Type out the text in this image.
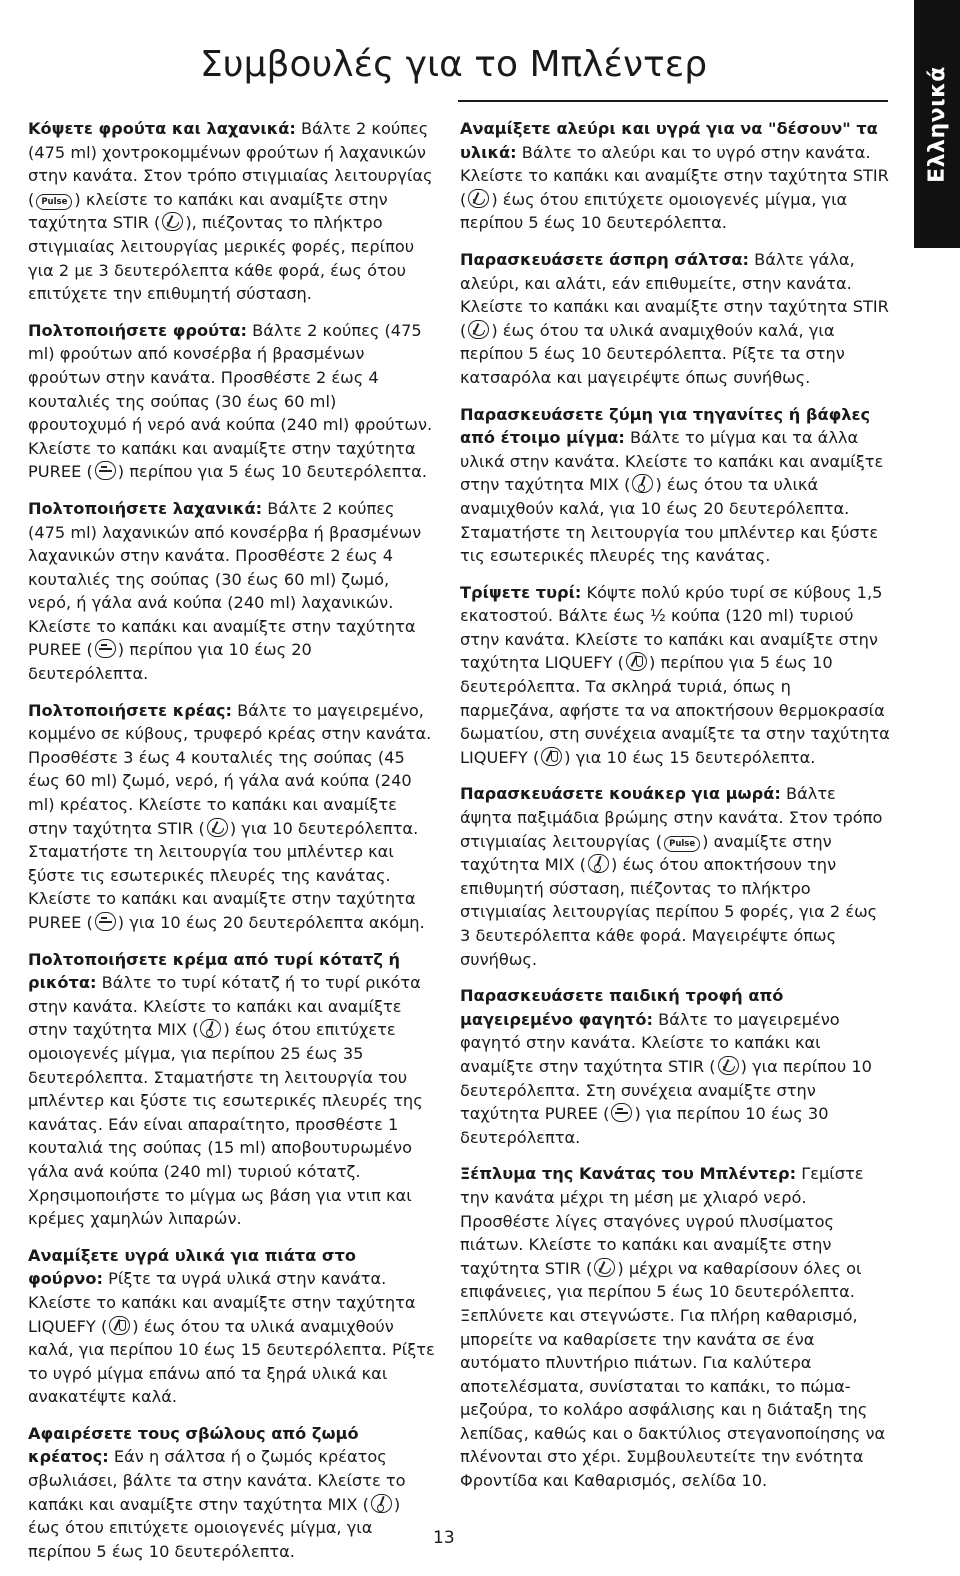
Ελληνικά
Συμβουλές για το Μπλέντερ

Κόψετε φρούτα και λαχανικά: Βάλτε 2 κούπες (475 ml) χοντροκομμένων φρούτων ή λαχανικών στην κανάτα. Στον τρόπο στιγμιαίας λειτουργίας ( Pulse ) κλείστε το καπάκι και αναμίξτε στην ταχύτητα STIR ( ), πιέζοντας το πλήκτρο στιγμιαίας λειτουργίας μερικές φορές, περίπου για 2 με 3 δευτερόλεπτα κάθε φορά, έως ότου επιτύχετε την επιθυμητή σύσταση.

Πολτοποιήσετε φρούτα: Βάλτε 2 κούπες (475 ml) φρούτων από κονσέρβα ή βρασμένων φρούτων στην κανάτα. Προσθέστε 2 έως 4 κουταλιές της σούπας (30 έως 60 ml) φρουτοχυμό ή νερό ανά κούπα (240 ml) φρούτων. Κλείστε το καπάκι και αναμίξτε στην ταχύτητα PUREE ( ) περίπου για 5 έως 10 δευτερόλεπτα.

Πολτοποιήσετε λαχανικά: Βάλτε 2 κούπες (475 ml) λαχανικών από κονσέρβα ή βρασμένων λαχανικών στην κανάτα. Προσθέστε 2 έως 4 κουταλιές της σούπας (30 έως 60 ml) ζωμό, νερό, ή γάλα ανά κούπα (240 ml) λαχανικών. Κλείστε το καπάκι και αναμίξτε στην ταχύτητα PUREE ( ) περίπου για 10 έως 20 δευτερόλεπτα.

Πολτοποιήσετε κρέας: Βάλτε το μαγειρεμένο, κομμένο σε κύβους, τρυφερό κρέας στην κανάτα. Προσθέστε 3 έως 4 κουταλιές της σούπας (45 έως 60 ml) ζωμό, νερό, ή γάλα ανά κούπα (240 ml) κρέατος. Κλείστε το καπάκι και αναμίξτε στην ταχύτητα STIR ( ) για 10 δευτερόλεπτα. Σταματήστε τη λειτουργία του μπλέντερ και ξύστε τις εσωτερικές πλευρές της κανάτας. Κλείστε το καπάκι και αναμίξτε στην ταχύτητα PUREE ( ) για 10 έως 20 δευτερόλεπτα ακόμη.

Πολτοποιήσετε κρέμα από τυρί κότατζ ή ρικότα: Βάλτε το τυρί κότατζ ή το τυρί ρικότα στην κανάτα. Κλείστε το καπάκι και αναμίξτε στην ταχύτητα MIX ( ) έως ότου επιτύχετε ομοιογενές μίγμα, για περίπου 25 έως 35 δευτερόλεπτα. Σταματήστε τη λειτουργία του μπλέντερ και ξύστε τις εσωτερικές πλευρές της κανάτας. Εάν είναι απαραίτητο, προσθέστε 1 κουταλιά της σούπας (15 ml) αποβουτυρωμένο γάλα ανά κούπα (240 ml) τυριού κότατζ. Χρησιμοποιήστε το μίγμα ως βάση για ντιπ και κρέμες χαμηλών λιπαρών.

Αναμίξετε υγρά υλικά για πιάτα στο φούρνο: Ρίξτε τα υγρά υλικά στην κανάτα. Κλείστε το καπάκι και αναμίξτε στην ταχύτητα LIQUEFY ( ) έως ότου τα υλικά αναμιχθούν καλά, για περίπου 10 έως 15 δευτερόλεπτα. Ρίξτε το υγρό μίγμα επάνω από τα ξηρά υλικά και ανακατέψτε καλά.

Αφαιρέσετε τους σβώλους από ζωμό κρέατος: Εάν η σάλτσα ή ο ζωμός κρέατος σβωλιάσει, βάλτε τα στην κανάτα. Κλείστε το καπάκι και αναμίξτε στην ταχύτητα MIX ( ) έως ότου επιτύχετε ομοιογενές μίγμα, για περίπου 5 έως 10 δευτερόλεπτα.

Αναμίξετε αλεύρι και υγρά για να "δέσουν" τα υλικά: Βάλτε το αλεύρι και το υγρό στην κανάτα. Κλείστε το καπάκι και αναμίξτε στην ταχύτητα STIR ( ) έως ότου επιτύχετε ομοιογενές μίγμα, για περίπου 5 έως 10 δευτερόλεπτα.

Παρασκευάσετε άσπρη σάλτσα: Βάλτε γάλα, αλεύρι, και αλάτι, εάν επιθυμείτε, στην κανάτα. Κλείστε το καπάκι και αναμίξτε στην ταχύτητα STIR ( ) έως ότου τα υλικά αναμιχθούν καλά, για περίπου 5 έως 10 δευτερόλεπτα. Ρίξτε τα στην κατσαρόλα και μαγειρέψτε όπως συνήθως.

Παρασκευάσετε ζύμη για τηγανίτες ή βάφλες από έτοιμο μίγμα: Βάλτε το μίγμα και τα άλλα υλικά στην κανάτα. Κλείστε το καπάκι και αναμίξτε στην ταχύτητα MIX ( ) έως ότου τα υλικά αναμιχθούν καλά, για 10 έως 20 δευτερόλεπτα. Σταματήστε τη λειτουργία του μπλέντερ και ξύστε τις εσωτερικές πλευρές της κανάτας.

Τρίψετε τυρί: Κόψτε πολύ κρύο τυρί σε κύβους 1,5 εκατοστού. Βάλτε έως ½ κούπα (120 ml) τυριού στην κανάτα. Κλείστε το καπάκι και αναμίξτε στην ταχύτητα LIQUEFY ( ) περίπου για 5 έως 10 δευτερόλεπτα. Τα σκληρά τυριά, όπως η παρμεζάνα, αφήστε τα να αποκτήσουν θερμοκρασία δωματίου, στη συνέχεια αναμίξτε τα στην ταχύτητα LIQUEFY ( ) για 10 έως 15 δευτερόλεπτα.

Παρασκευάσετε κουάκερ για μωρά: Βάλτε άψητα παξιμάδια βρώμης στην κανάτα. Στον τρόπο στιγμιαίας λειτουργίας ( Pulse ) αναμίξτε στην ταχύτητα MIX ( ) έως ότου αποκτήσουν την επιθυμητή σύσταση, πιέζοντας το πλήκτρο στιγμιαίας λειτουργίας περίπου 5 φορές, για 2 έως 3 δευτερόλεπτα κάθε φορά. Μαγειρέψτε όπως συνήθως.

Παρασκευάσετε παιδική τροφή από μαγειρεμένο φαγητό: Βάλτε το μαγειρεμένο φαγητό στην κανάτα. Κλείστε το καπάκι και αναμίξτε στην ταχύτητα STIR ( ) για περίπου 10 δευτερόλεπτα. Στη συνέχεια αναμίξτε στην ταχύτητα PUREE ( ) για περίπου 10 έως 30 δευτερόλεπτα.

Ξέπλυμα της Κανάτας του Μπλέντερ: Γεμίστε την κανάτα μέχρι τη μέση με χλιαρό νερό. Προσθέστε λίγες σταγόνες υγρού πλυσίματος πιάτων. Κλείστε το καπάκι και αναμίξτε στην ταχύτητα STIR ( ) μέχρι να καθαρίσουν όλες οι επιφάνειες, για περίπου 5 έως 10 δευτερόλεπτα. Ξεπλύνετε και στεγνώστε. Για πλήρη καθαρισμό, μπορείτε να καθαρίσετε την κανάτα σε ένα αυτόματο πλυντήριο πιάτων. Για καλύτερα αποτελέσματα, συνίσταται το καπάκι, το πώμα-μεζούρα, το κολάρο ασφάλισης και η διάταξη της λεπίδας, καθώς και ο δακτύλιος στεγανοποίησης να πλένονται στο χέρι. Συμβουλευτείτε την ενότητα Φροντίδα και Καθαρισμός, σελίδα 10.

13
